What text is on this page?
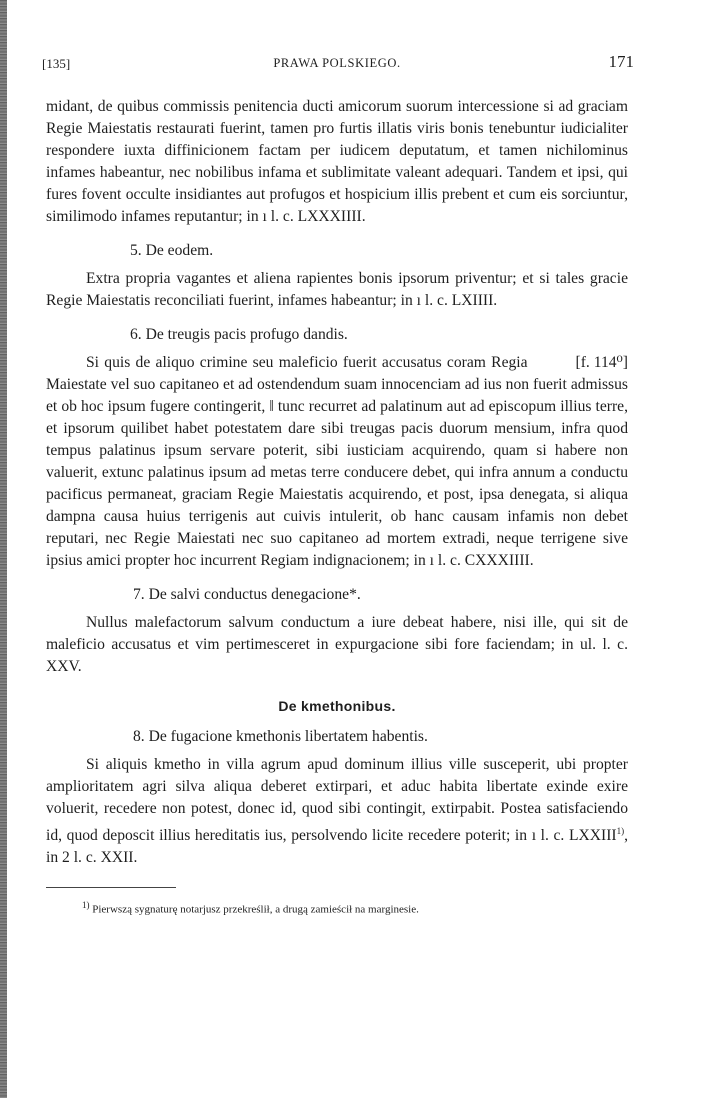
[135]	PRAWA POLSKIEGO.	171

midant, de quibus commissis penitencia ducti amicorum suorum intercessione si ad graciam Regie Maiestatis restaurati fuerint, tamen pro furtis illatis viris bonis tenebuntur iudicialiter respondere iuxta diffinicionem factam per iudicem deputatum, et tamen nichilominus infames habeantur, nec nobilibus infama et sublimitate valeant adequari. Tandem et ipsi, qui fures fovent occulte insidiantes aut profugos et hospicium illis prebent et cum eis sorciuntur, similimodo infames reputantur; in ı l. c. LXXXIIII.

5. De eodem.

Extra propria vagantes et aliena rapientes bonis ipsorum priventur; et si tales gracie Regie Maiestatis reconciliati fuerint, infames habeantur; in ı l. c. LXIIII.

6. De treugis pacis profugo dandis.

[f. 114⁰]
Si quis de aliquo crimine seu maleficio fuerit accusatus coram Regia Maiestate vel suo capitaneo et ad ostendendum suam innocenciam ad ius non fuerit admissus et ob hoc ipsum fugere contingerit, ‖ tunc recurret ad palatinum aut ad episcopum illius terre, et ipsorum quilibet habet potestatem dare sibi treugas pacis duorum mensium, infra quod tempus palatinus ipsum servare poterit, sibi iusticiam acquirendo, quam si habere non valuerit, extunc palatinus ipsum ad metas terre conducere debet, qui infra annum a conductu pacificus permaneat, graciam Regie Maiestatis acquirendo, et post, ipsa denegata, si aliqua dampna causa huius terrigenis aut cuivis intulerit, ob hanc causam infamis non debet reputari, nec Regie Maiestati nec suo capitaneo ad mortem extradi, neque terrigene sive ipsius amici propter hoc incurrent Regiam indignacionem; in ı l. c. CXXXIIII.

7. De salvi conductus denegacione*.

Nullus malefactorum salvum conductum a iure debeat habere, nisi ille, qui sit de maleficio accusatus et vim pertimesceret in expurgacione sibi fore faciendam; in ul. l. c. XXV.

De kmethonibus.
8. De fugacione kmethonis libertatem habentis.

Si aliquis kmetho in villa agrum apud dominum illius ville susceperit, ubi propter amplioritatem agri silva aliqua deberet extirpari, et aduc habita libertate exinde exire voluerit, recedere non potest, donec id, quod sibi contingit, extirpabit. Postea satisfaciendo id, quod deposcit illius hereditatis ius, persolvendo licite recedere poterit; in ı l. c. LXXIII$^{1)}$, in 2 l. c. XXII.

$^{1)}$ Pierwszą sygnaturę notarjusz przekreślił, a drugą zamieścił na marginesie.
